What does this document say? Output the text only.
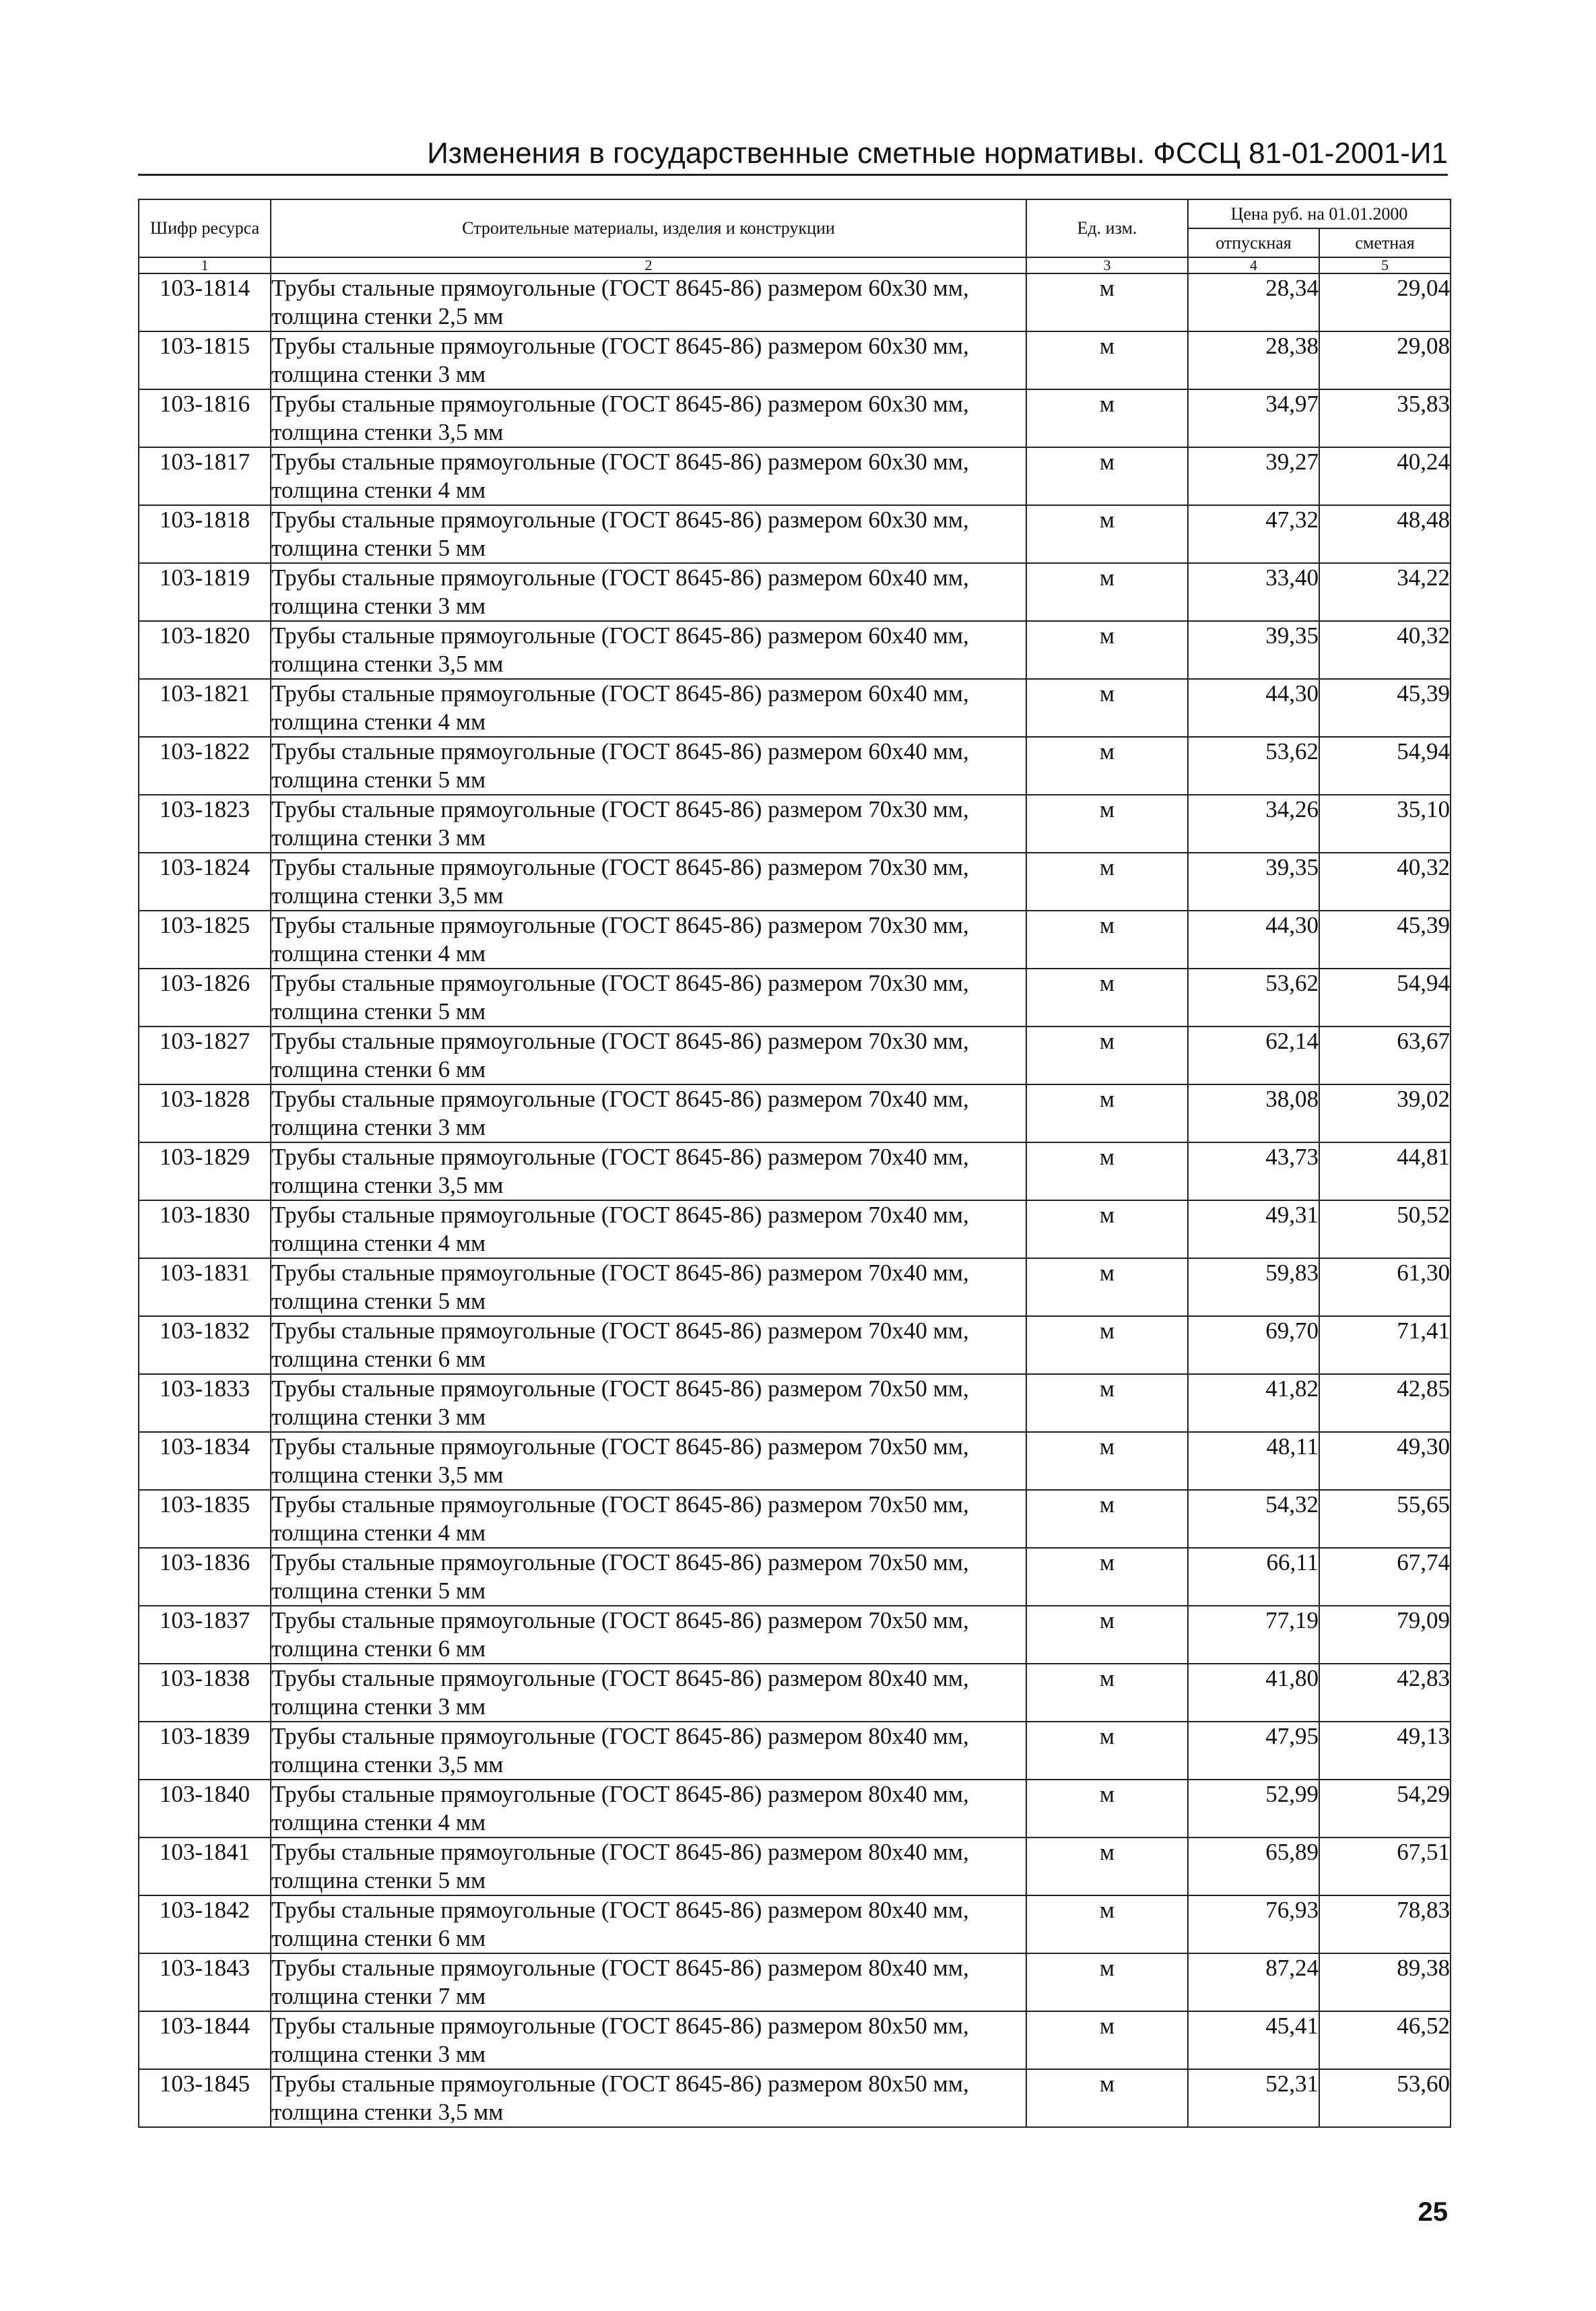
Изменения в государственные сметные нормативы. ФССЦ 81-01-2001-И1
Шифр ресурса	Строительные материалы, изделия и конструкции	Ед. изм.	Цена руб. на 01.01.2000	
			отпускная	сметная
1	2	3	4	5
103-1814	Трубы стальные прямоугольные (ГОСТ 8645-86) размером 60x30 мм,
толщина стенки 2,5 мм	м	28,34	29,04
103-1815	Трубы стальные прямоугольные (ГОСТ 8645-86) размером 60x30 мм,
толщина стенки 3 мм	м	28,38	29,08
103-1816	Трубы стальные прямоугольные (ГОСТ 8645-86) размером 60x30 мм,
толщина стенки 3,5 мм	м	34,97	35,83
103-1817	Трубы стальные прямоугольные (ГОСТ 8645-86) размером 60x30 мм,
толщина стенки 4 мм	м	39,27	40,24
103-1818	Трубы стальные прямоугольные (ГОСТ 8645-86) размером 60x30 мм,
толщина стенки 5 мм	м	47,32	48,48
103-1819	Трубы стальные прямоугольные (ГОСТ 8645-86) размером 60x40 мм,
толщина стенки 3 мм	м	33,40	34,22
103-1820	Трубы стальные прямоугольные (ГОСТ 8645-86) размером 60x40 мм,
толщина стенки 3,5 мм	м	39,35	40,32
103-1821	Трубы стальные прямоугольные (ГОСТ 8645-86) размером 60x40 мм,
толщина стенки 4 мм	м	44,30	45,39
103-1822	Трубы стальные прямоугольные (ГОСТ 8645-86) размером 60x40 мм,
толщина стенки 5 мм	м	53,62	54,94
103-1823	Трубы стальные прямоугольные (ГОСТ 8645-86) размером 70x30 мм,
толщина стенки 3 мм	м	34,26	35,10
103-1824	Трубы стальные прямоугольные (ГОСТ 8645-86) размером 70x30 мм,
толщина стенки 3,5 мм	м	39,35	40,32
103-1825	Трубы стальные прямоугольные (ГОСТ 8645-86) размером 70x30 мм,
толщина стенки 4 мм	м	44,30	45,39
103-1826	Трубы стальные прямоугольные (ГОСТ 8645-86) размером 70x30 мм,
толщина стенки 5 мм	м	53,62	54,94
103-1827	Трубы стальные прямоугольные (ГОСТ 8645-86) размером 70x30 мм,
толщина стенки 6 мм	м	62,14	63,67
103-1828	Трубы стальные прямоугольные (ГОСТ 8645-86) размером 70x40 мм,
толщина стенки 3 мм	м	38,08	39,02
103-1829	Трубы стальные прямоугольные (ГОСТ 8645-86) размером 70x40 мм,
толщина стенки 3,5 мм	м	43,73	44,81
103-1830	Трубы стальные прямоугольные (ГОСТ 8645-86) размером 70x40 мм,
толщина стенки 4 мм	м	49,31	50,52
103-1831	Трубы стальные прямоугольные (ГОСТ 8645-86) размером 70x40 мм,
толщина стенки 5 мм	м	59,83	61,30
103-1832	Трубы стальные прямоугольные (ГОСТ 8645-86) размером 70x40 мм,
толщина стенки 6 мм	м	69,70	71,41
103-1833	Трубы стальные прямоугольные (ГОСТ 8645-86) размером 70x50 мм,
толщина стенки 3 мм	м	41,82	42,85
103-1834	Трубы стальные прямоугольные (ГОСТ 8645-86) размером 70x50 мм,
толщина стенки 3,5 мм	м	48,11	49,30
103-1835	Трубы стальные прямоугольные (ГОСТ 8645-86) размером 70x50 мм,
толщина стенки 4 мм	м	54,32	55,65
103-1836	Трубы стальные прямоугольные (ГОСТ 8645-86) размером 70x50 мм,
толщина стенки 5 мм	м	66,11	67,74
103-1837	Трубы стальные прямоугольные (ГОСТ 8645-86) размером 70x50 мм,
толщина стенки 6 мм	м	77,19	79,09
103-1838	Трубы стальные прямоугольные (ГОСТ 8645-86) размером 80x40 мм,
толщина стенки 3 мм	м	41,80	42,83
103-1839	Трубы стальные прямоугольные (ГОСТ 8645-86) размером 80x40 мм,
толщина стенки 3,5 мм	м	47,95	49,13
103-1840	Трубы стальные прямоугольные (ГОСТ 8645-86) размером 80x40 мм,
толщина стенки 4 мм	м	52,99	54,29
103-1841	Трубы стальные прямоугольные (ГОСТ 8645-86) размером 80x40 мм,
толщина стенки 5 мм	м	65,89	67,51
103-1842	Трубы стальные прямоугольные (ГОСТ 8645-86) размером 80x40 мм,
толщина стенки 6 мм	м	76,93	78,83
103-1843	Трубы стальные прямоугольные (ГОСТ 8645-86) размером 80x40 мм,
толщина стенки 7 мм	м	87,24	89,38
103-1844	Трубы стальные прямоугольные (ГОСТ 8645-86) размером 80x50 мм,
толщина стенки 3 мм	м	45,41	46,52
103-1845	Трубы стальные прямоугольные (ГОСТ 8645-86) размером 80x50 мм,
толщина стенки 3,5 мм	м	52,31	53,60
25
